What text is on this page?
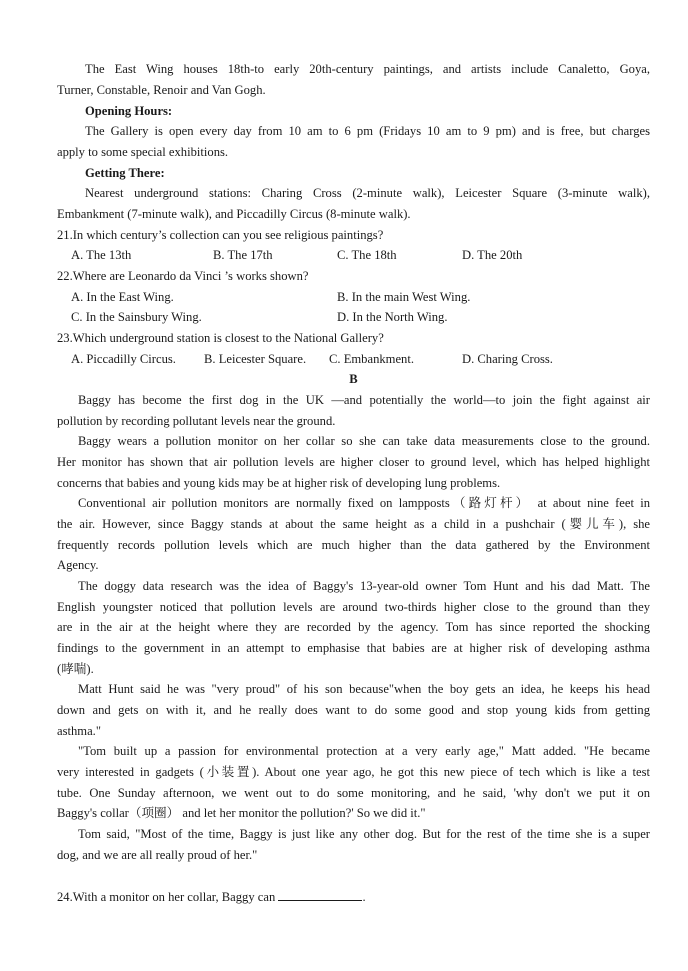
The East Wing houses 18th-to early 20th-century paintings, and artists include Canaletto, Goya,
Turner, Constable, Renoir and Van Gogh.
Opening Hours:
The Gallery is open every day from 10 am to 6 pm (Fridays 10 am to 9 pm) and is free, but charges
apply to some special exhibitions.
Getting There:
Nearest underground stations: Charing Cross (2-minute walk), Leicester Square (3-minute walk),
Embankment (7-minute walk), and Piccadilly Circus (8-minute walk).
21.In which century’s collection can you see religious paintings?
A. The 13th	B. The 17th	C. The 18th	D. The 20th
22.Where are Leonardo da Vinci ’s works shown?
A. In the East Wing.	B. In the main West Wing.
C. In the Sainsbury Wing.	D. In the North Wing.
23.Which underground station is closest to the National Gallery?
A. Piccadilly Circus. B. Leicester Square. C. Embankment.	D. Charing Cross.
B
Baggy has become the first dog in the UK —and potentially the world—to join the fight against air
pollution by recording pollutant levels near the ground.
Baggy wears a pollution monitor on her collar so she can take data measurements close to the ground.
Her monitor has shown that air pollution levels are higher closer to ground level, which has helped highlight
concerns that babies and young kids may be at higher risk of developing lung problems.
Conventional air pollution monitors are normally fixed on lampposts（路灯杆） at about nine feet in
the air. However, since Baggy stands at about the same height as a child in a pushchair (婴儿车), she
frequently records pollution levels which are much higher than the data gathered by the Environment
Agency.
The doggy data research was the idea of Baggy's 13-year-old owner Tom Hunt and his dad Matt. The
English youngster noticed that pollution levels are around two-thirds higher close to the ground than they
are in the air at the height where they are recorded by the agency. Tom has since reported the shocking
findings to the government in an attempt to emphasise that babies are at higher risk of developing asthma
(哮喘).
Matt Hunt said he was "very proud" of his son because"when the boy gets an idea, he keeps his head
down and gets on with it, and he really does want to do some good and stop young kids from getting
asthma."
"Tom built up a passion for environmental protection at a very early age," Matt added. "He became
very interested in gadgets (小装置). About one year ago, he got this new piece of tech which is like a test
tube. One Sunday afternoon, we went out to do some monitoring, and he said, 'why don't we put it on
Baggy's collar（项圈） and let her monitor the pollution?' So we did it."
Tom said, "Most of the time, Baggy is just like any other dog. But for the rest of the time she is a super
dog, and we are all really proud of her."
24.With a monitor on her collar, Baggy can	.
